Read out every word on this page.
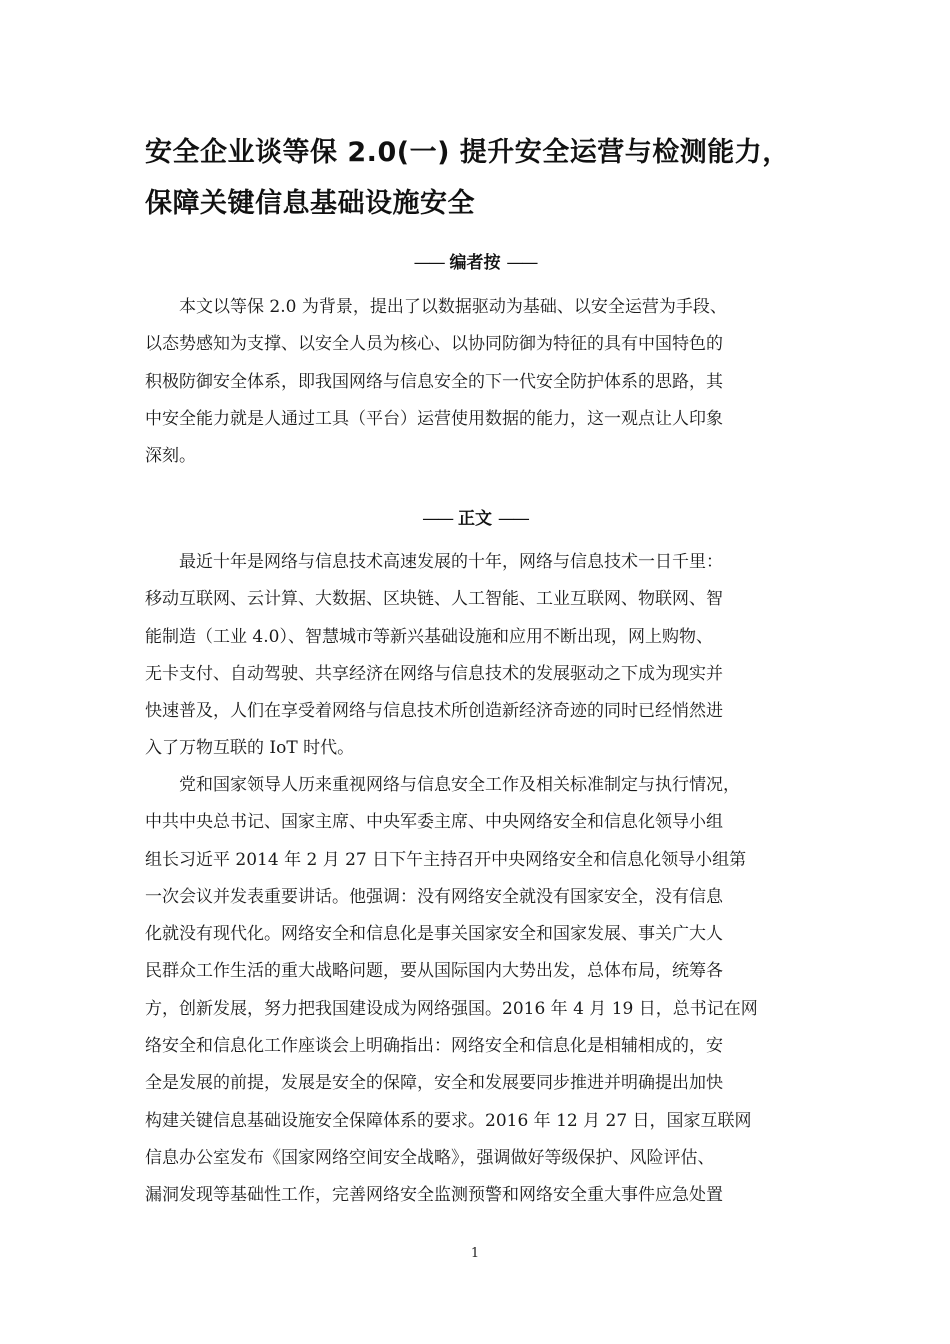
安全企业谈等保 2.0(一) 提升安全运营与检测能力，
保障关键信息基础设施安全
—— 编者按 ——
本文以等保 2.0 为背景，提出了以数据驱动为基础、以安全运营为手段、
以态势感知为支撑、以安全人员为核心、以协同防御为特征的具有中国特色的
积极防御安全体系，即我国网络与信息安全的下一代安全防护体系的思路，其
中安全能力就是人通过工具（平台）运营使用数据的能力，这一观点让人印象
深刻。
—— 正文 ——
最近十年是网络与信息技术高速发展的十年，网络与信息技术一日千里：
移动互联网、云计算、大数据、区块链、人工智能、工业互联网、物联网、智
能制造（工业 4.0）、智慧城市等新兴基础设施和应用不断出现，网上购物、
无卡支付、自动驾驶、共享经济在网络与信息技术的发展驱动之下成为现实并
快速普及，人们在享受着网络与信息技术所创造新经济奇迹的同时已经悄然进
入了万物互联的 IoT 时代。
党和国家领导人历来重视网络与信息安全工作及相关标准制定与执行情况，
中共中央总书记、国家主席、中央军委主席、中央网络安全和信息化领导小组
组长习近平 2014 年 2 月 27 日下午主持召开中央网络安全和信息化领导小组第
一次会议并发表重要讲话。他强调：没有网络安全就没有国家安全，没有信息
化就没有现代化。网络安全和信息化是事关国家安全和国家发展、事关广大人
民群众工作生活的重大战略问题，要从国际国内大势出发，总体布局，统筹各
方，创新发展，努力把我国建设成为网络强国。2016 年 4 月 19 日，总书记在网
络安全和信息化工作座谈会上明确指出：网络安全和信息化是相辅相成的，安
全是发展的前提，发展是安全的保障，安全和发展要同步推进并明确提出加快
构建关键信息基础设施安全保障体系的要求。2016 年 12 月 27 日，国家互联网
信息办公室发布《国家网络空间安全战略》，强调做好等级保护、风险评估、
漏洞发现等基础性工作，完善网络安全监测预警和网络安全重大事件应急处置
1
